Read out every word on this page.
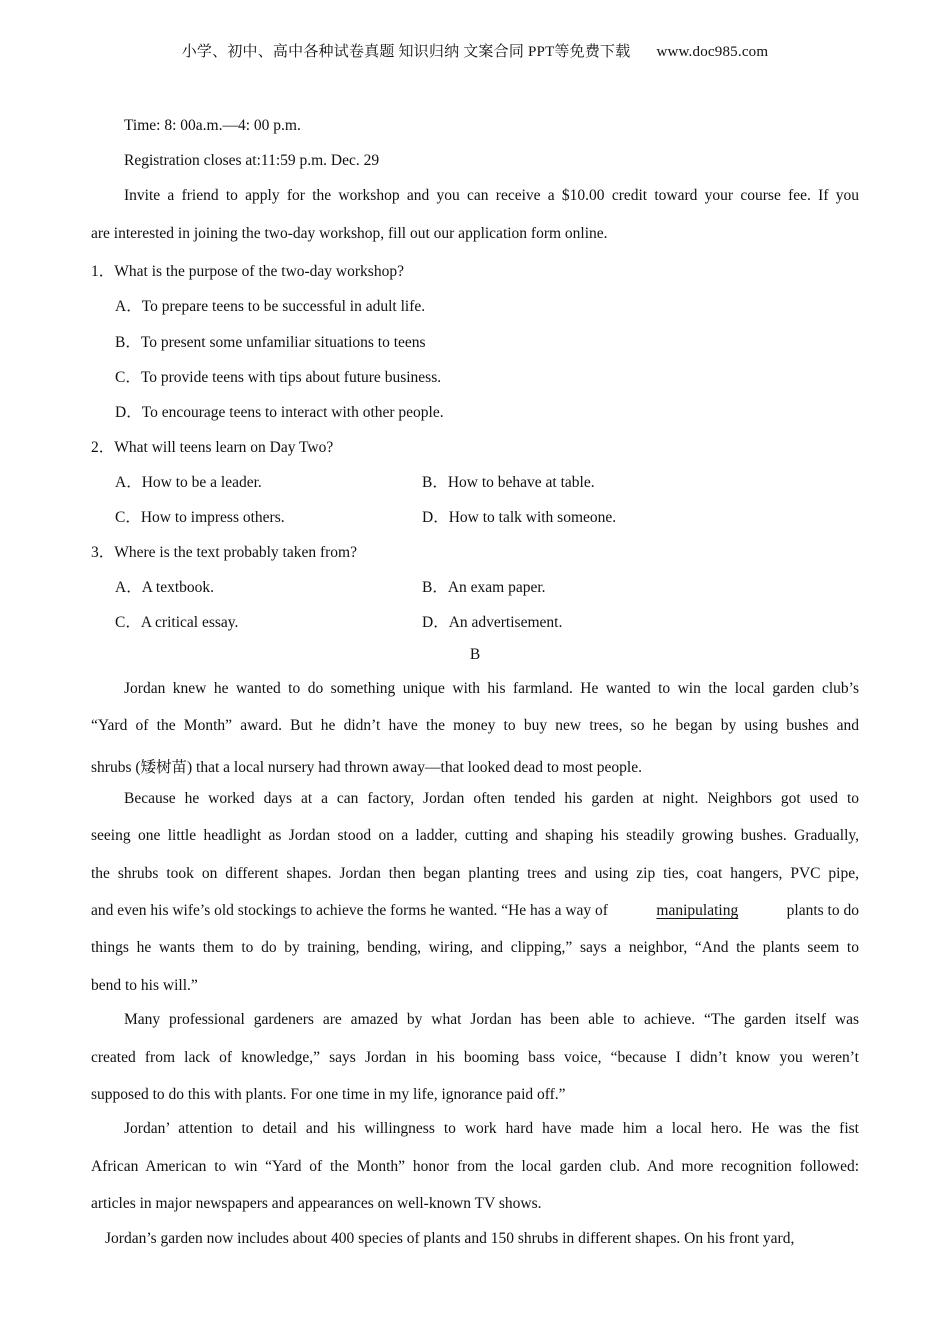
小学、初中、高中各种试卷真题 知识归纳 文案合同 PPT等免费下载 www.doc985.com
Time: 8: 00a.m.—4: 00 p.m.
Registration closes at:11:59 p.m. Dec. 29
Invite a friend to apply for the workshop and you can receive a $10.00 credit toward your course fee. If you
are interested in joining the two-day workshop, fill out our application form online.
1．What is the purpose of the two-day workshop?
A．To prepare teens to be successful in adult life.
B．To present some unfamiliar situations to teens
C．To provide teens with tips about future business.
D．To encourage teens to interact with other people.
2．What will teens learn on Day Two?
A．How to be a leader.	B．How to behave at table.
C．How to impress others.	D．How to talk with someone.
3．Where is the text probably taken from?
A．A textbook.	B．An exam paper.
C．A critical essay.	D．An advertisement.
B
Jordan knew he wanted to do something unique with his farmland. He wanted to win the local garden club’s
“Yard of the Month” award. But he didn’t have the money to buy new trees, so he began by using bushes and
shrubs (矮树苗) that a local nursery had thrown away—that looked dead to most people.
Because he worked days at a can factory, Jordan often tended his garden at night. Neighbors got used to
seeing one little headlight as Jordan stood on a ladder, cutting and shaping his steadily growing bushes. Gradually,
the shrubs took on different shapes. Jordan then began planting trees and using zip ties, coat hangers, PVC pipe,
and even his wife’s old stockings to achieve the forms he wanted. “He has a way of	manipulating	plants to do
things he wants them to do by training, bending, wiring, and clipping,” says a neighbor, “And the plants seem to
bend to his will.”
Many professional gardeners are amazed by what Jordan has been able to achieve. “The garden itself was
created from lack of knowledge,” says Jordan in his booming bass voice, “because I didn’t know you weren’t
supposed to do this with plants. For one time in my life, ignorance paid off.”
Jordan’ attention to detail and his willingness to work hard have made him a local hero. He was the fist
African American to win “Yard of the Month” honor from the local garden club. And more recognition followed:
articles in major newspapers and appearances on well-known TV shows.
Jordan’s garden now includes about 400 species of plants and 150 shrubs in different shapes. On his front yard,
